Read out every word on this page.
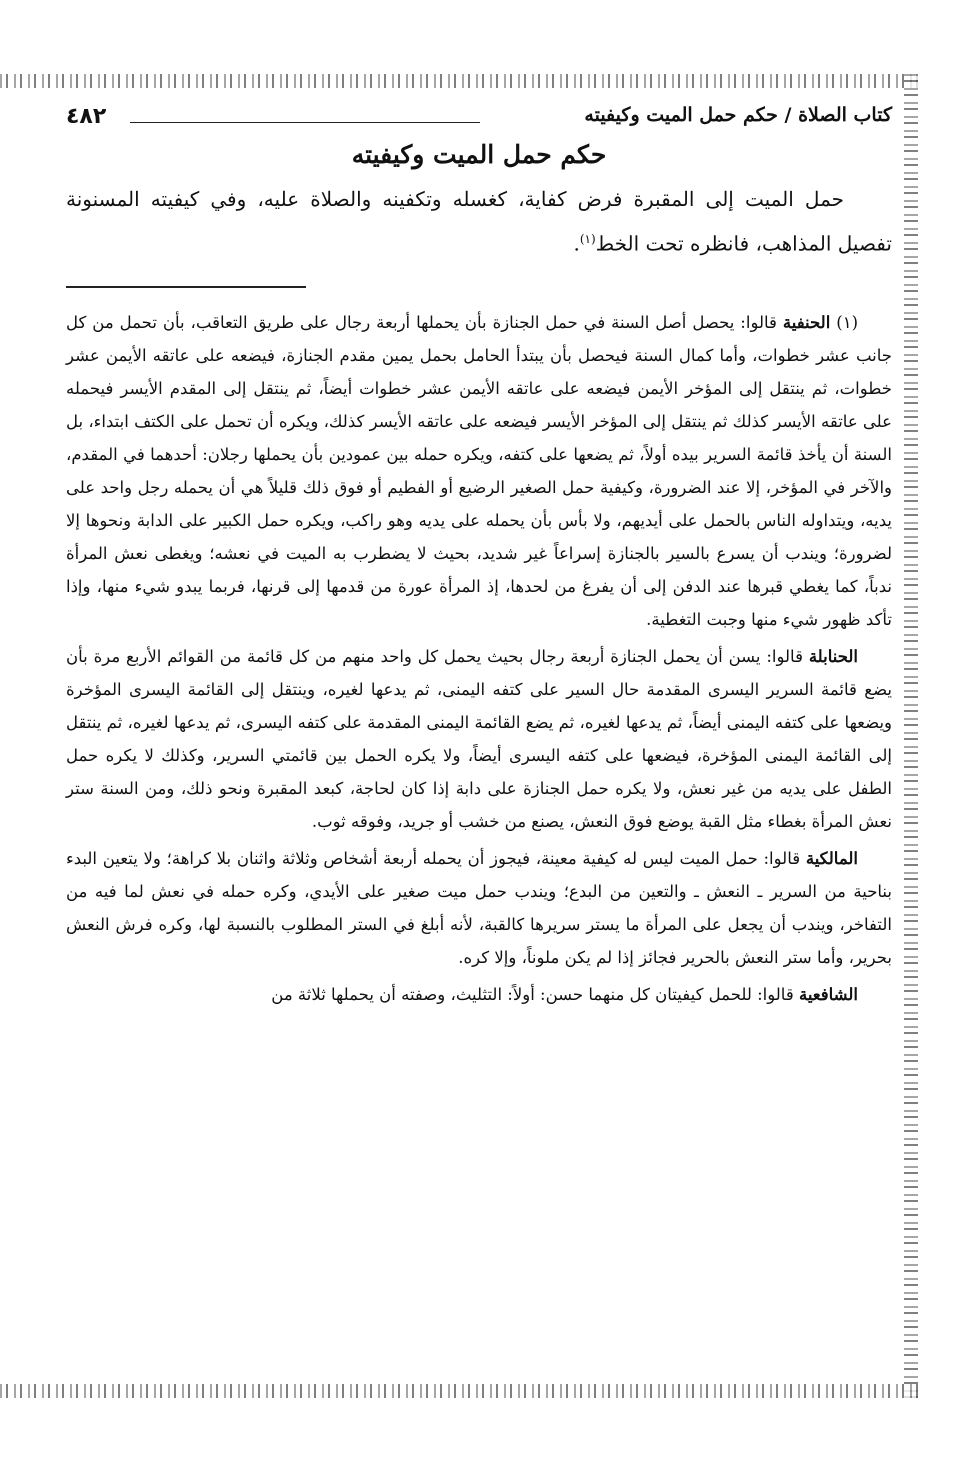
كتاب الصلاة / حكم حمل الميت وكيفيته
٤٨٢
حكم حمل الميت وكيفيته

حمل الميت إلى المقبرة فرض كفاية، كغسله وتكفينه والصلاة عليه، وفي كيفيته المسنونة تفصيل المذاهب، فانظره تحت الخط$^{(١)}$.

(١) الحنفية قالوا: يحصل أصل السنة في حمل الجنازة بأن يحملها أربعة رجال على طريق التعاقب، بأن تحمل من كل جانب عشر خطوات، وأما كمال السنة فيحصل بأن يبتدأ الحامل بحمل يمين مقدم الجنازة، فيضعه على عاتقه الأيمن عشر خطوات، ثم ينتقل إلى المؤخر الأيمن فيضعه على عاتقه الأيمن عشر خطوات أيضاً، ثم ينتقل إلى المقدم الأيسر فيحمله على عاتقه الأيسر كذلك ثم ينتقل إلى المؤخر الأيسر فيضعه على عاتقه الأيسر كذلك، ويكره أن تحمل على الكتف ابتداء، بل السنة أن يأخذ قائمة السرير بيده أولاً، ثم يضعها على كتفه، ويكره حمله بين عمودين بأن يحملها رجلان: أحدهما في المقدم، والآخر في المؤخر، إلا عند الضرورة، وكيفية حمل الصغير الرضيع أو الفطيم أو فوق ذلك قليلاً هي أن يحمله رجل واحد على يديه، ويتداوله الناس بالحمل على أيديهم، ولا بأس بأن يحمله على يديه وهو راكب، ويكره حمل الكبير على الدابة ونحوها إلا لضرورة؛ ويندب أن يسرع بالسير بالجنازة إسراعاً غير شديد، بحيث لا يضطرب به الميت في نعشه؛ ويغطى نعش المرأة ندباً، كما يغطي قبرها عند الدفن إلى أن يفرغ من لحدها، إذ المرأة عورة من قدمها إلى قرنها، فربما يبدو شيء منها، وإذا تأكد ظهور شيء منها وجبت التغطية.

الحنابلة قالوا: يسن أن يحمل الجنازة أربعة رجال بحيث يحمل كل واحد منهم من كل قائمة من القوائم الأربع مرة بأن يضع قائمة السرير اليسرى المقدمة حال السير على كتفه اليمنى، ثم يدعها لغيره، وينتقل إلى القائمة اليسرى المؤخرة ويضعها على كتفه اليمنى أيضاً، ثم يدعها لغيره، ثم يضع القائمة اليمنى المقدمة على كتفه اليسرى، ثم يدعها لغيره، ثم ينتقل إلى القائمة اليمنى المؤخرة، فيضعها على كتفه اليسرى أيضاً، ولا يكره الحمل بين قائمتي السرير، وكذلك لا يكره حمل الطفل على يديه من غير نعش، ولا يكره حمل الجنازة على دابة إذا كان لحاجة، كبعد المقبرة ونحو ذلك، ومن السنة ستر نعش المرأة بغطاء مثل القبة يوضع فوق النعش، يصنع من خشب أو جريد، وفوقه ثوب.

المالكية قالوا: حمل الميت ليس له كيفية معينة، فيجوز أن يحمله أربعة أشخاص وثلاثة واثنان بلا كراهة؛ ولا يتعين البدء بناحية من السرير ـ النعش ـ والتعين من البدع؛ ويندب حمل ميت صغير على الأيدي، وكره حمله في نعش لما فيه من التفاخر، ويندب أن يجعل على المرأة ما يستر سريرها كالقبة، لأنه أبلغ في الستر المطلوب بالنسبة لها، وكره فرش النعش بحرير، وأما ستر النعش بالحرير فجائز إذا لم يكن ملوناً، وإلا كره.

الشافعية قالوا: للحمل كيفيتان كل منهما حسن: أولاً: التثليث، وصفته أن يحملها ثلاثة من
